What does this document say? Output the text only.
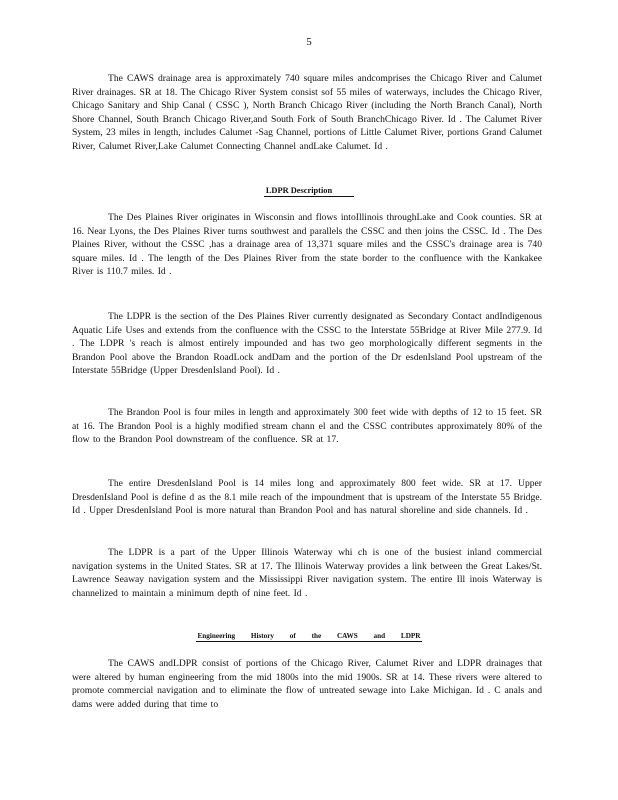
5

The CAWS drainage area is approximately 740 square miles andcomprises the Chicago River and Calumet River drainages. SR at 18. The Chicago River System consist sof 55 miles of waterways, includes the Chicago River, Chicago Sanitary and Ship Canal ( CSSC ), North Branch Chicago River (including the North Branch Canal), North Shore Channel, South Branch Chicago River,and South Fork of South BranchChicago River. Id . The Calumet River System, 23 miles in length, includes Calumet -Sag Channel, portions of Little Calumet River, portions Grand Calumet River, Calumet River,Lake Calumet Connecting Channel andLake Calumet. Id .

LDPR Description

The Des Plaines River originates in Wisconsin and flows intoIllinois throughLake and Cook counties. SR at 16. Near Lyons, the Des Plaines River turns southwest and parallels the CSSC and then joins the CSSC. Id . The Des Plaines River, without the CSSC ,has a drainage area of 13,371 square miles and the CSSC's drainage area is 740 square miles. Id . The length of the Des Plaines River from the state border to the confluence with the Kankakee River is 110.7 miles. Id .

The LDPR is the section of the Des Plaines River currently designated as Secondary Contact andIndigenous Aquatic Life Uses and extends from the confluence with the CSSC to the Interstate 55Bridge at River Mile 277.9. Id . The LDPR 's reach is almost entirely impounded and has two geo morphologically different segments in the Brandon Pool above the Brandon RoadLock andDam and the portion of the Dr esdenIsland Pool upstream of the Interstate 55Bridge (Upper DresdenIsland Pool). Id .

The Brandon Pool is four miles in length and approximately 300 feet wide with depths of 12 to 15 feet. SR at 16. The Brandon Pool is a highly modified stream chann el and the CSSC contributes approximately 80% of the flow to the Brandon Pool downstream of the confluence. SR at 17.

The entire DresdenIsland Pool is 14 miles long and approximately 800 feet wide. SR at 17. Upper DresdenIsland Pool is define d as the 8.1 mile reach of the impoundment that is upstream of the Interstate 55 Bridge. Id . Upper DresdenIsland Pool is more natural than Brandon Pool and has natural shoreline and side channels. Id .

The LDPR is a part of the Upper Illinois Waterway whi ch is one of the busiest inland commercial navigation systems in the United States. SR at 17. The Illinois Waterway provides a link between the Great Lakes/St. Lawrence Seaway navigation system and the Mississippi River navigation system. The entire Ill inois Waterway is channelized to maintain a minimum depth of nine feet. Id .

Engineering History of the CAWS and LDPR

The CAWS andLDPR consist of portions of the Chicago River, Calumet River and LDPR drainages that were altered by human engineering from the mid 1800s into the mid 1900s. SR at 14. These rivers were altered to promote commercial navigation and to eliminate the flow of untreated sewage into Lake Michigan. Id . C anals and dams were added during that time to
